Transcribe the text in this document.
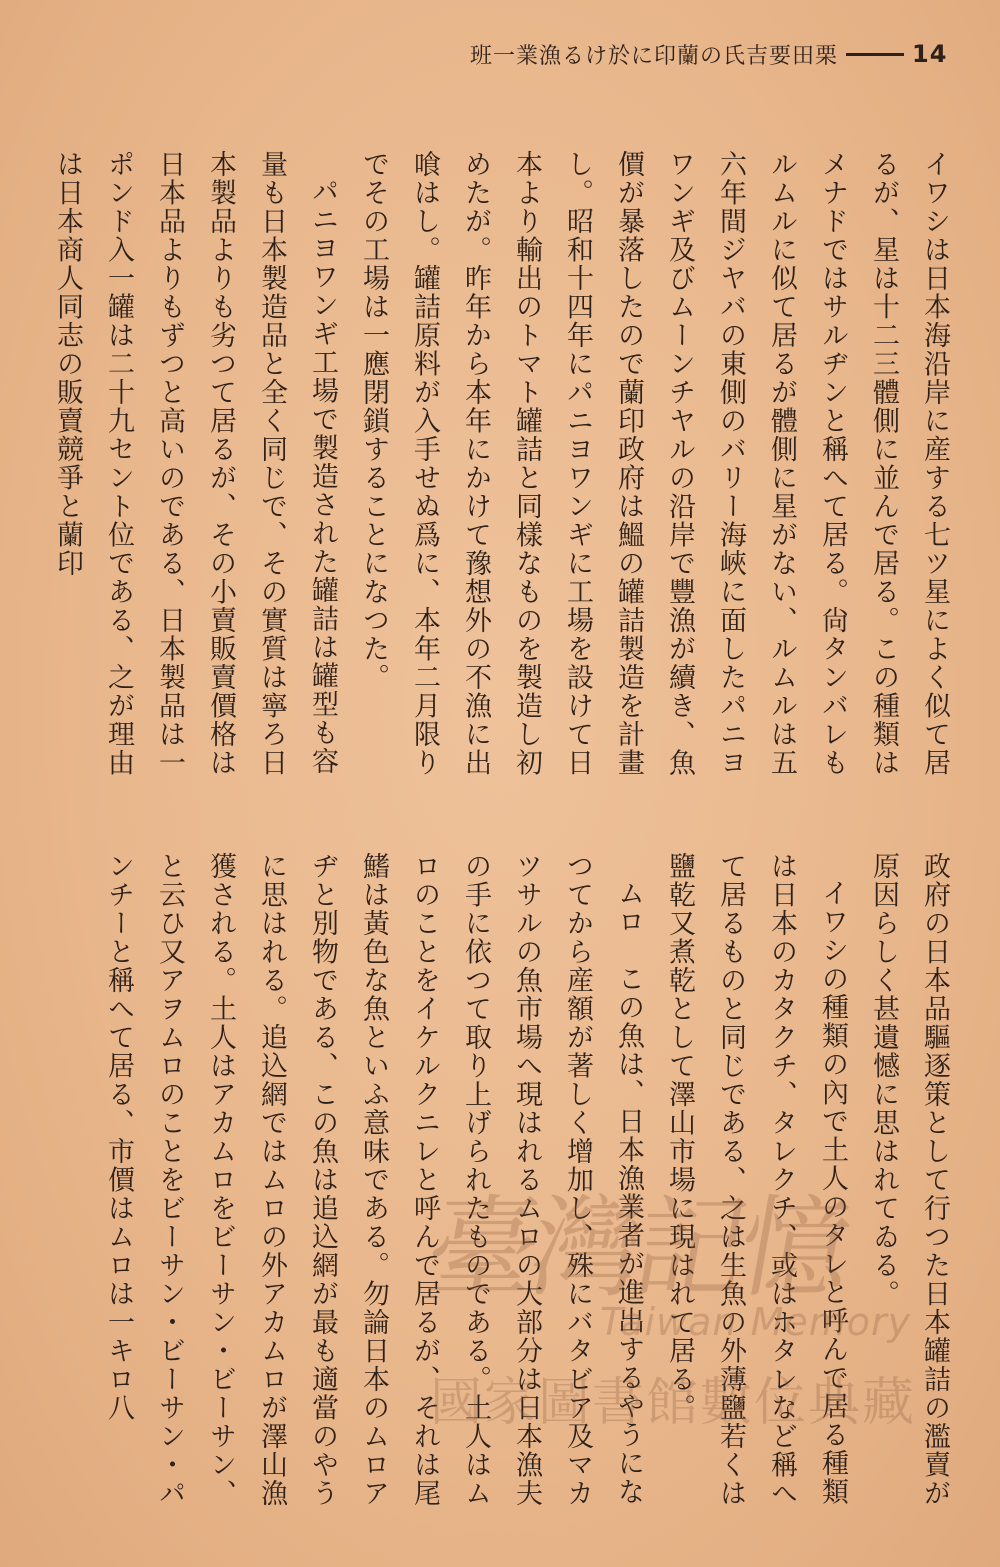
班一業漁るけ於に印蘭の氏吉要田栗	14

イワシは日本海沿岸に産する七ツ星によく似て居るが、星は十二三體側に並んで居る。この種類はメナドではサルヂンと稱へて居る。尙タンバレもルムルに似て居るが體側に星がない、ルムルは五六年間ジヤバの東側のバリー海峽に面したパニヨワンギ及びムーンチヤルの沿岸で豐漁が續き、魚價が暴落したので蘭印政府は鰮の罐詰製造を計畫し。昭和十四年にパニヨワンギに工場を設けて日本より輸出のトマト罐詰と同樣なものを製造し初めたが。昨年から本年にかけて豫想外の不漁に出喰はし。罐詰原料が入手せぬ爲に、本年二月限りでその工場は一應閉鎖することになつた。

パニヨワンギ工場で製造された罐詰は罐型も容量も日本製造品と全く同じで、その實質は寧ろ日本製品よりも劣つて居るが、その小賣販賣價格は日本品よりもずつと高いのである、日本製品は一ポンド入一罐は二十九セント位である、之が理由は日本商人同志の販賣競爭と蘭印

政府の日本品驅逐策として行つた日本罐詰の濫賣が原因らしく甚遺憾に思はれてゐる。

イワシの種類の內で土人のタレと呼んで居る種類は日本のカタクチ、タレクチ、或はホタレなど稱へて居るものと同じである、之は生魚の外薄鹽若くは鹽乾又煮乾として澤山市場に現はれて居る。

ムロ　この魚は、日本漁業者が進出するやうになつてから産額が著しく增加し、殊にバタビア及マカツサルの魚市場へ現はれるムロの大部分は日本漁夫の手に依つて取り上げられたものである。土人はムロのことをイケルクニレと呼んで居るが、それは尾鰭は黃色な魚といふ意味である。勿論日本のムロアヂと別物である、この魚は追込網が最も適當のやうに思はれる。追込網ではムロの外アカムロが澤山漁獲される。土人はアカムロをビーサン・ビーサン、と云ひ又アヲムロのことをビーサン・ビーサン・パンチーと稱へて居る、市價はムロは一キロ八	臺灣記憶
Taiwan Memory
國家圖書館數位典藏
